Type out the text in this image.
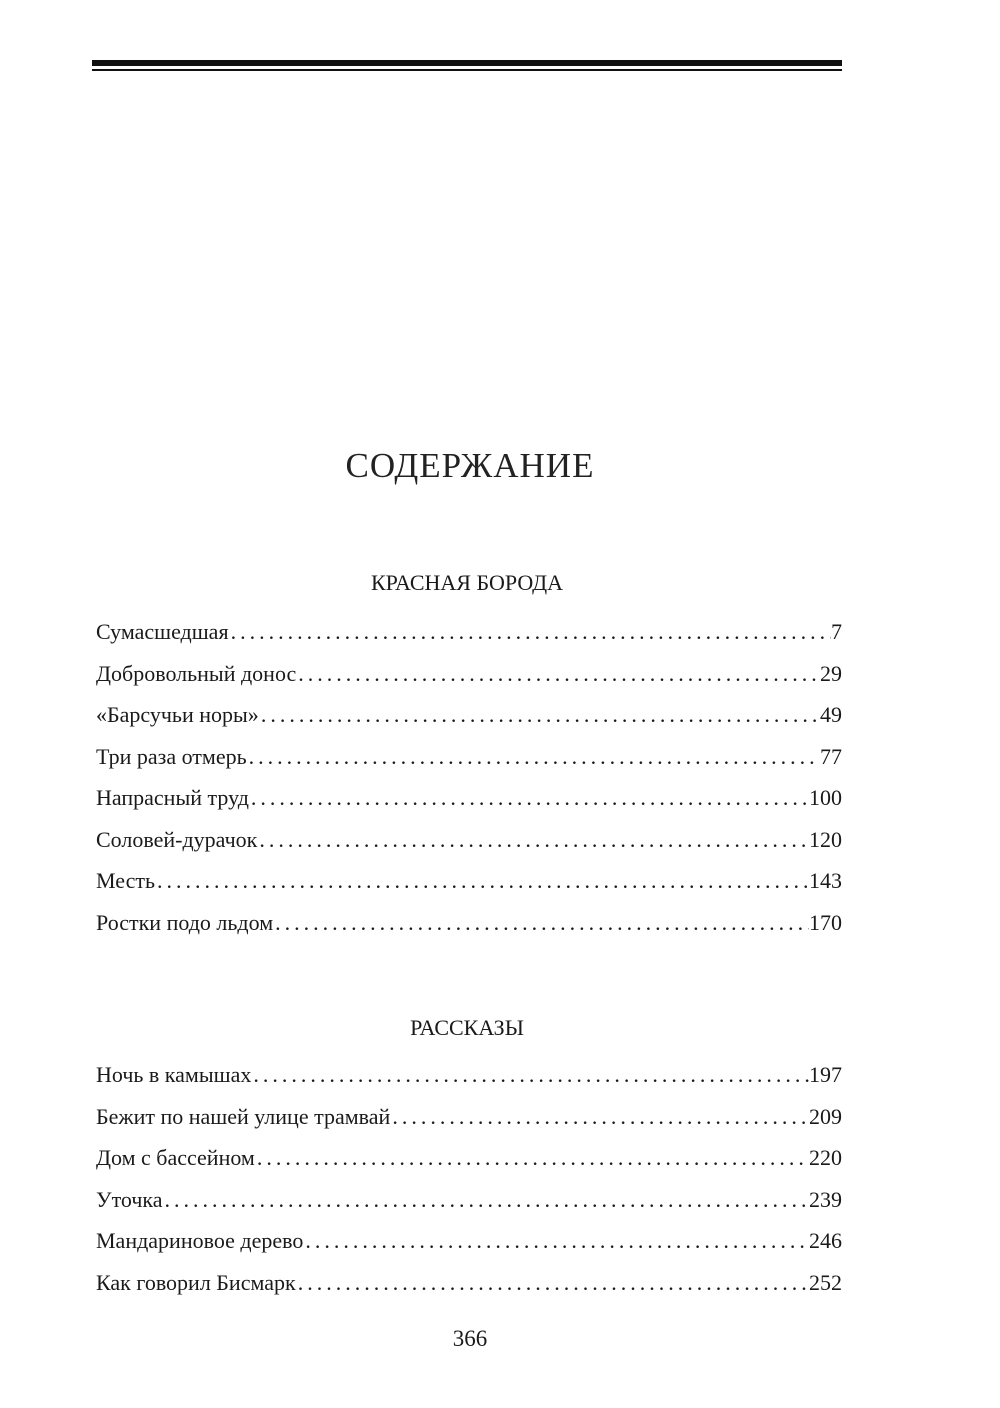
СОДЕРЖАНИЕ
КРАСНАЯ БОРОДА
Сумасшедшая . . .	7
Добровольный донос . . .	29
«Барсучьи норы» . . .	49
Три раза отмерь . . .	77
Напрасный труд . . .	100
Соловей-дурачок . . .	120
Месть . . .	143
Ростки подо льдом . . .	170
РАССКАЗЫ
Ночь в камышах . . .	197
Бежит по нашей улице трамвай . . .	209
Дом с бассейном . . .	220
Уточка . . .	239
Мандариновое дерево . . .	246
Как говорил Бисмарк . . .	252
366
